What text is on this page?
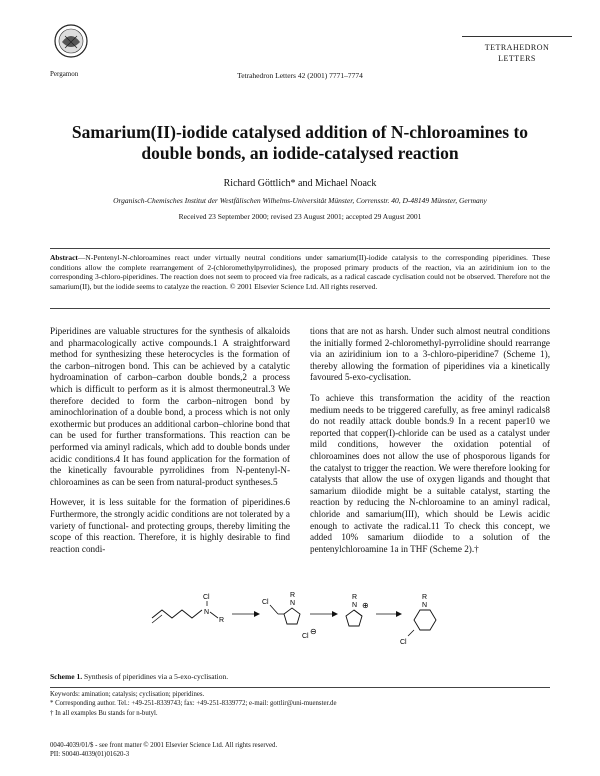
Pergamon	Tetrahedron Letters 42 (2001) 7771–7774
TETRAHEDRON
LETTERS
Samarium(II)-iodide catalysed addition of N-chloroamines to
double bonds, an iodide-catalysed reaction
Richard Göttlich* and Michael Noack
Organisch-Chemisches Institut der Westfälischen Wilhelms-Universität Münster, Corrensstr. 40, D-48149 Münster, Germany
Received 23 September 2000; revised 23 August 2001; accepted 29 August 2001
Abstract—N-Pentenyl-N-chloroamines react under virtually neutral conditions under samarium(II)-iodide catalysis to the corresponding piperidines. These conditions allow the complete rearrangement of 2-(chloromethylpyrrolidines), the proposed primary products of the reaction, via an aziridinium ion to the corresponding 3-chloro-piperidines. The reaction does not seem to proceed via free radicals, as a radical cascade cyclisation could not be observed. Therefore not the samarium(II), but the iodide seems to catalyze the reaction. © 2001 Elsevier Science Ltd. All rights reserved.

Piperidines are valuable structures for the synthesis of alkaloids and pharmacologically active compounds.1 A straightforward method for synthesizing these heterocycles is the formation of the carbon–nitrogen bond. This can be achieved by a catalytic hydroamination of carbon–carbon double bonds,2 a process which is difficult to perform as it is almost thermoneutral.3 We therefore decided to form the carbon–nitrogen bond by aminochlorination of a double bond, a process which is not only exothermic but produces an additional carbon–chlorine bond that can be used for further transformations. This reaction can be performed via aminyl radicals, which add to double bonds under acidic conditions.4 It has found application for the formation of the kinetically favourable pyrrolidines from N-pentenyl-N-chloroamines as can be seen from natural-product syntheses.5

However, it is less suitable for the formation of piperidines.6 Furthermore, the strongly acidic conditions are not tolerated by a variety of functional- and protecting groups, thereby limiting the scope of this reaction. Therefore, it is highly desirable to find reaction condi-

tions that are not as harsh. Under such almost neutral conditions the initially formed 2-chloromethyl-pyrrolidine should rearrange via an aziridinium ion to a 3-chloro-piperidine7 (Scheme 1), thereby allowing the formation of piperidines via a kinetically favoured 5-exo-cyclisation.

To achieve this transformation the acidity of the reaction medium needs to be triggered carefully, as free aminyl radicals8 do not readily attack double bonds.9 In a recent paper10 we reported that copper(I)-chloride can be used as a catalyst under mild conditions, however the oxidation potential of chloroamines does not allow the use of phosporous ligands for the catalyst to trigger the reaction. We were therefore looking for catalysts that allow the use of oxygen ligands and thought that samarium diiodide might be a suitable catalyst, starting the reaction by reducing the N-chloroamine to an aminyl radical, chloride and samarium(III), which should be Lewis acidic enough to activate the radical.11 To check this concept, we added 10% samarium diiodide to a solution of the pentenylchloroamine 1a in THF (Scheme 2).†

N
Cl
R
Cl	N
R
Cl
⊖
N
R
⊕	N
R
Cl
Scheme 1. Synthesis of piperidines via a 5-exo-cyclisation.
Keywords: amination; catalysis; cyclisation; piperidines.
* Corresponding author. Tel.: +49-251-8339743; fax: +49-251-8339772; e-mail: gottlir@uni-muenster.de
† In all examples Bu stands for n-butyl.
0040-4039/01/$ - see front matter © 2001 Elsevier Science Ltd. All rights reserved.
PII: S0040-4039(01)01620-3
